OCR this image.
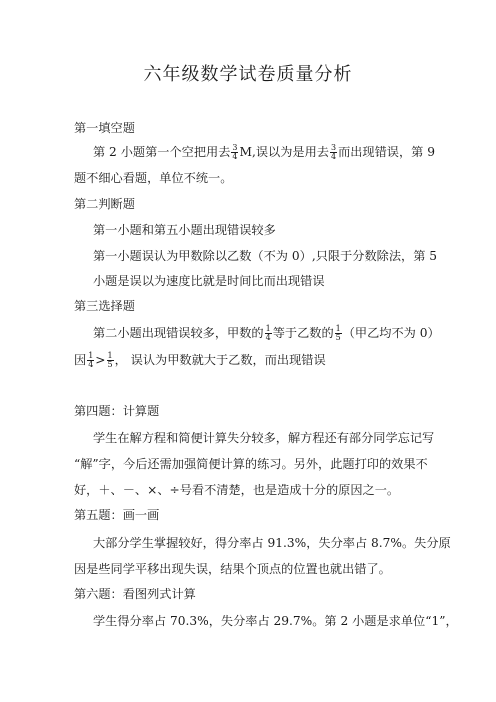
六年级数学试卷质量分析
第一填空题
第 2 小题第一个空把用去 $\frac{3}{4} M$,误以为是用去 $\frac{3}{4}$ 而出现错误，第 9
题不细心看题，单位不统一。
第二判断题
第一小题和第五小题出现错误较多
第一小题误认为甲数除以乙数（不为 0）,只限于分数除法，第 5
小题是误以为速度比就是时间比而出现错误
第三选择题
第二小题出现错误较多，甲数的 $\frac{1}{4}$ 等于乙数的 $\frac{1}{5}$ （甲乙均不为 0）
因 $\frac{1}{4} > \frac{1}{5}$ ， 误认为甲数就大于乙数，而出现错误
第四题：计算题
学生在解方程和简便计算失分较多，解方程还有部分同学忘记写
“解”字，今后还需加强简便计算的练习。另外，此题打印的效果不
好，＋、－、×、÷号看不清楚，也是造成十分的原因之一。
第五题：画一画
大部分学生掌握较好，得分率占 91.3%，失分率占 8.7%。失分原
因是些同学平移出现失误，结果个顶点的位置也就出错了。
第六题：看图列式计算
学生得分率占 70.3%，失分率占 29.7%。第 2 小题是求单位“1”，
